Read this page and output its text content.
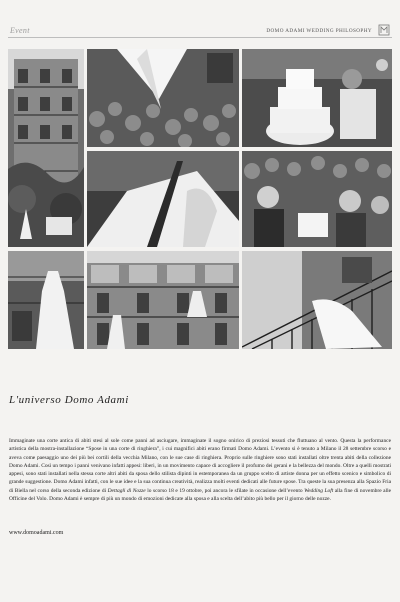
Event	DOMO ADAMI WEDDING PHILOSOPHY
L'universo Domo Adami

Immaginate una corte antica di abiti stesi al sole come panni ad asciugare, immaginate il sogno onirico di preziosi tessuti che fluttuano al vento. Questa la performance artistica della mostra-installazione “Spose in una corte di ringhiera”, i cui magnifici abiti erano firmati Domo Adami. L’evento si è tenuto a Milano il 28 settembre scorso e aveva come paesaggio uno dei più bei cortili della vecchia Milano, con le sue case di ringhiera. Proprio sulle ringhiere sono stati installati oltre trenta abiti della collezione Domo Adami. Così un tempo i panni venivano infatti appesi: liberi, in un movimento capace di accogliere il profumo dei gerani e la bellezza del mondo. Oltre a quelli mostrati appesi, sono stati installati nella stessa corte altri abiti da sposa dello stilista dipinti in estemporanea da un gruppo scelto di artiste donna per un effetto scenico e simbolico di grande suggestione. Domo Adami infatti, con le sue idee e la sua continua creatività, realizza molti eventi dedicati alle future spose. Tra queste la sua presenza alla Spazio Fria di Biella nel corso della seconda edizione di Dettagli di Nozze lo scorso 18 e 19 ottobre, poi ancora le sfilate in occasione dell’evento Wedding Loft alla fine di novembre alle Officine del Volo. Domo Adami è sempre di più un mondo di emozioni dedicate alla sposa e alla scelta dell’abito più bello per il giorno delle nozze.

www.domoadami.com
